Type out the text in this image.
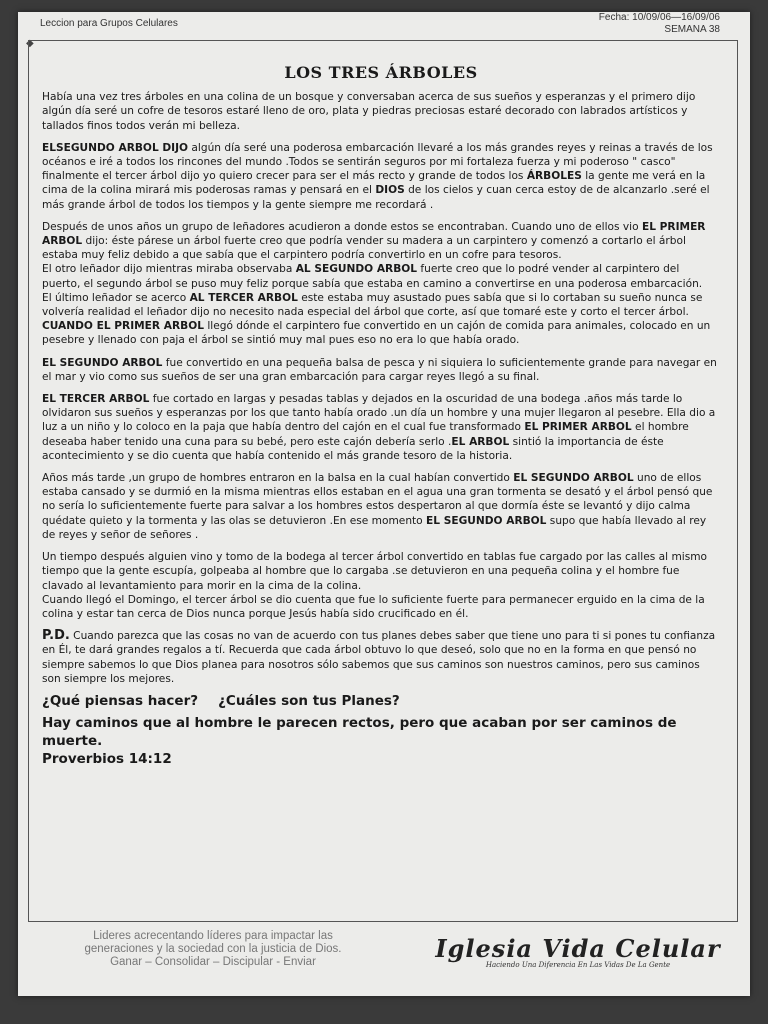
Leccion para Grupos Celulares
Fecha: 10/09/06—16/09/06
SEMANA 38
◆
LOS TRES ÁRBOLES

Había una vez tres árboles en una colina de un bosque y conversaban acerca de sus sueños y esperanzas y el primero dijo algún día seré un cofre de tesoros estaré lleno de oro, plata y piedras preciosas estaré decorado con labrados artísticos y tallados finos todos verán mi belleza.

ELSEGUNDO ARBOL DIJO algún día seré una poderosa embarcación llevaré a los más grandes reyes y reinas a través de los océanos e iré a todos los rincones del mundo .Todos se sentirán seguros por mi fortaleza fuerza y mi poderoso " casco" finalmente el tercer árbol dijo yo quiero crecer para ser el más recto y grande de todos los ÁRBOLES la gente me verá en la cima de la colina mirará mis poderosas ramas y pensará en el DIOS de los cielos y cuan cerca estoy de de alcanzarlo .seré el más grande árbol de todos los tiempos y la gente siempre me recordará .

Después de unos años un grupo de leñadores acudieron a donde estos se encontraban. Cuando uno de ellos vio EL PRIMER ARBOL dijo: éste párese un árbol fuerte creo que podría vender su madera a un carpintero y comenzó a cortarlo el árbol estaba muy feliz debido a que sabía que el carpintero podría convertirlo en un cofre para tesoros.

El otro leñador dijo mientras miraba observaba AL SEGUNDO ARBOL fuerte creo que lo podré vender al carpintero del puerto, el segundo árbol se puso muy feliz porque sabía que estaba en camino a convertirse en una poderosa embarcación.

El último leñador se acerco AL TERCER ARBOL este estaba muy asustado pues sabía que si lo cortaban su sueño nunca se volvería realidad el leñador dijo no necesito nada especial del árbol que corte, así que tomaré este y corto el tercer árbol.

CUANDO EL PRIMER ARBOL llegó dónde el carpintero fue convertido en un cajón de comida para animales, colocado en un pesebre y llenado con paja el árbol se sintió muy mal pues eso no era lo que había orado.

EL SEGUNDO ARBOL fue convertido en una pequeña balsa de pesca y ni siquiera lo suficientemente grande para navegar en el mar y vio como sus sueños de ser una gran embarcación para cargar reyes llegó a su final.

EL TERCER ARBOL fue cortado en largas y pesadas tablas y dejados en la oscuridad de una bodega .años más tarde lo olvidaron sus sueños y esperanzas por los que tanto había orado .un día un hombre y una mujer llegaron al pesebre. Ella dio a luz a un niño y lo coloco en la paja que había dentro del cajón en el cual fue transformado EL PRIMER ARBOL el hombre deseaba haber tenido una cuna para su bebé, pero este cajón debería serlo .EL ARBOL sintió la importancia de éste acontecimiento y se dio cuenta que había contenido el más grande tesoro de la historia.

Años más tarde ,un grupo de hombres entraron en la balsa en la cual habían convertido EL SEGUNDO ARBOL uno de ellos estaba cansado y se durmió en la misma mientras ellos estaban en el agua una gran tormenta se desató y el árbol pensó que no sería lo suficientemente fuerte para salvar a los hombres estos despertaron al que dormía éste se levantó y dijo calma quédate quieto y la tormenta y las olas se detuvieron .En ese momento EL SEGUNDO ARBOL supo que había llevado al rey de reyes y señor de señores .

Un tiempo después alguien vino y tomo de la bodega al tercer árbol convertido en tablas fue cargado por las calles al mismo tiempo que la gente escupía, golpeaba al hombre que lo cargaba .se detuvieron en una pequeña colina y el hombre fue clavado al levantamiento para morir en la cima de la colina.

Cuando llegó el Domingo, el tercer árbol se dio cuenta que fue lo suficiente fuerte para permanecer erguido en la cima de la colina y estar tan cerca de Dios nunca porque Jesús había sido crucificado en él.

P.D. Cuando parezca que las cosas no van de acuerdo con tus planes debes saber que tiene uno para ti si pones tu confianza en Él, te dará grandes regalos a tí. Recuerda que cada árbol obtuvo lo que deseó, solo que no en la forma en que pensó no siempre sabemos lo que Dios planea para nosotros sólo sabemos que sus caminos son nuestros caminos, pero sus caminos son siempre los mejores.

¿Qué piensas hacer? ¿Cuáles son tus Planes?
Hay caminos que al hombre le parecen rectos, pero que acaban por ser caminos de muerte.
Proverbios 14:12
Lideres acrecentando líderes para impactar las
generaciones y la sociedad con la justicia de Dios.
Ganar – Consolidar – Discipular - Enviar	Iglesia Vida Celular
Haciendo Una Diferencia En Las Vidas De La Gente
